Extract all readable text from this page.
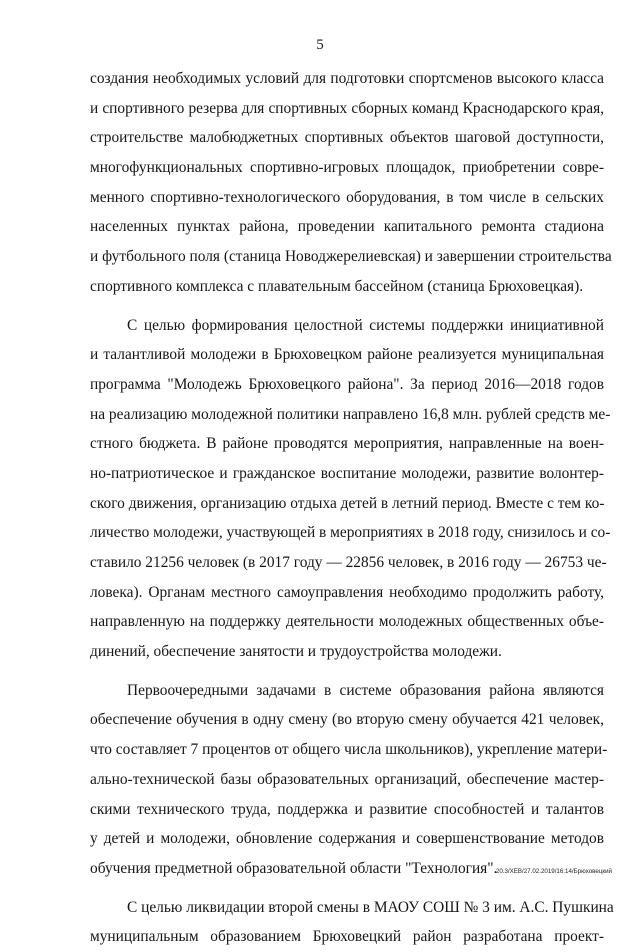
5
создания необходимых условий для подготовки спортсменов высокого класса
и спортивного резерва для спортивных сборных команд Краснодарского края,
строительстве малобюджетных спортивных объектов шаговой доступности,
многофункциональных спортивно-игровых площадок, приобретении совре-
менного спортивно-технологического оборудования, в том числе в сельских
населенных пунктах района, проведении капитального ремонта стадиона
и футбольного поля (станица Новоджерелиевская) и завершении строительства
спортивного комплекса с плавательным бассейном (станица Брюховецкая).
С целью формирования целостной системы поддержки инициативной
и талантливой молодежи в Брюховецком районе реализуется муниципальная
программа "Молодежь Брюховецкого района". За период 2016—2018 годов
на реализацию молодежной политики направлено 16,8 млн. рублей средств ме-
стного бюджета. В районе проводятся мероприятия, направленные на воен-
но-патриотическое и гражданское воспитание молодежи, развитие волонтер-
ского движения, организацию отдыха детей в летний период. Вместе с тем ко-
личество молодежи, участвующей в мероприятиях в 2018 году, снизилось и со-
ставило 21256 человек (в 2017 году — 22856 человек, в 2016 году — 26753 че-
ловека). Органам местного самоуправления необходимо продолжить работу,
направленную на поддержку деятельности молодежных общественных объе-
динений, обеспечение занятости и трудоустройства молодежи.
Первоочередными задачами в системе образования района являются
обеспечение обучения в одну смену (во вторую смену обучается 421 человек,
что составляет 7 процентов от общего числа школьников), укрепление матери-
ально-технической базы образовательных организаций, обеспечение мастер-
скими технического труда, поддержка и развитие способностей и талантов
у детей и молодежи, обновление содержания и совершенствование методов
обучения предметной образовательной области "Технология".
С целью ликвидации второй смены в МАОУ СОШ № 3 им. А.С. Пушкина
муниципальным образованием Брюховецкий район разработана проект-
20.3/ХЕВ/27.02.2019/16:14/Брюховецкий
